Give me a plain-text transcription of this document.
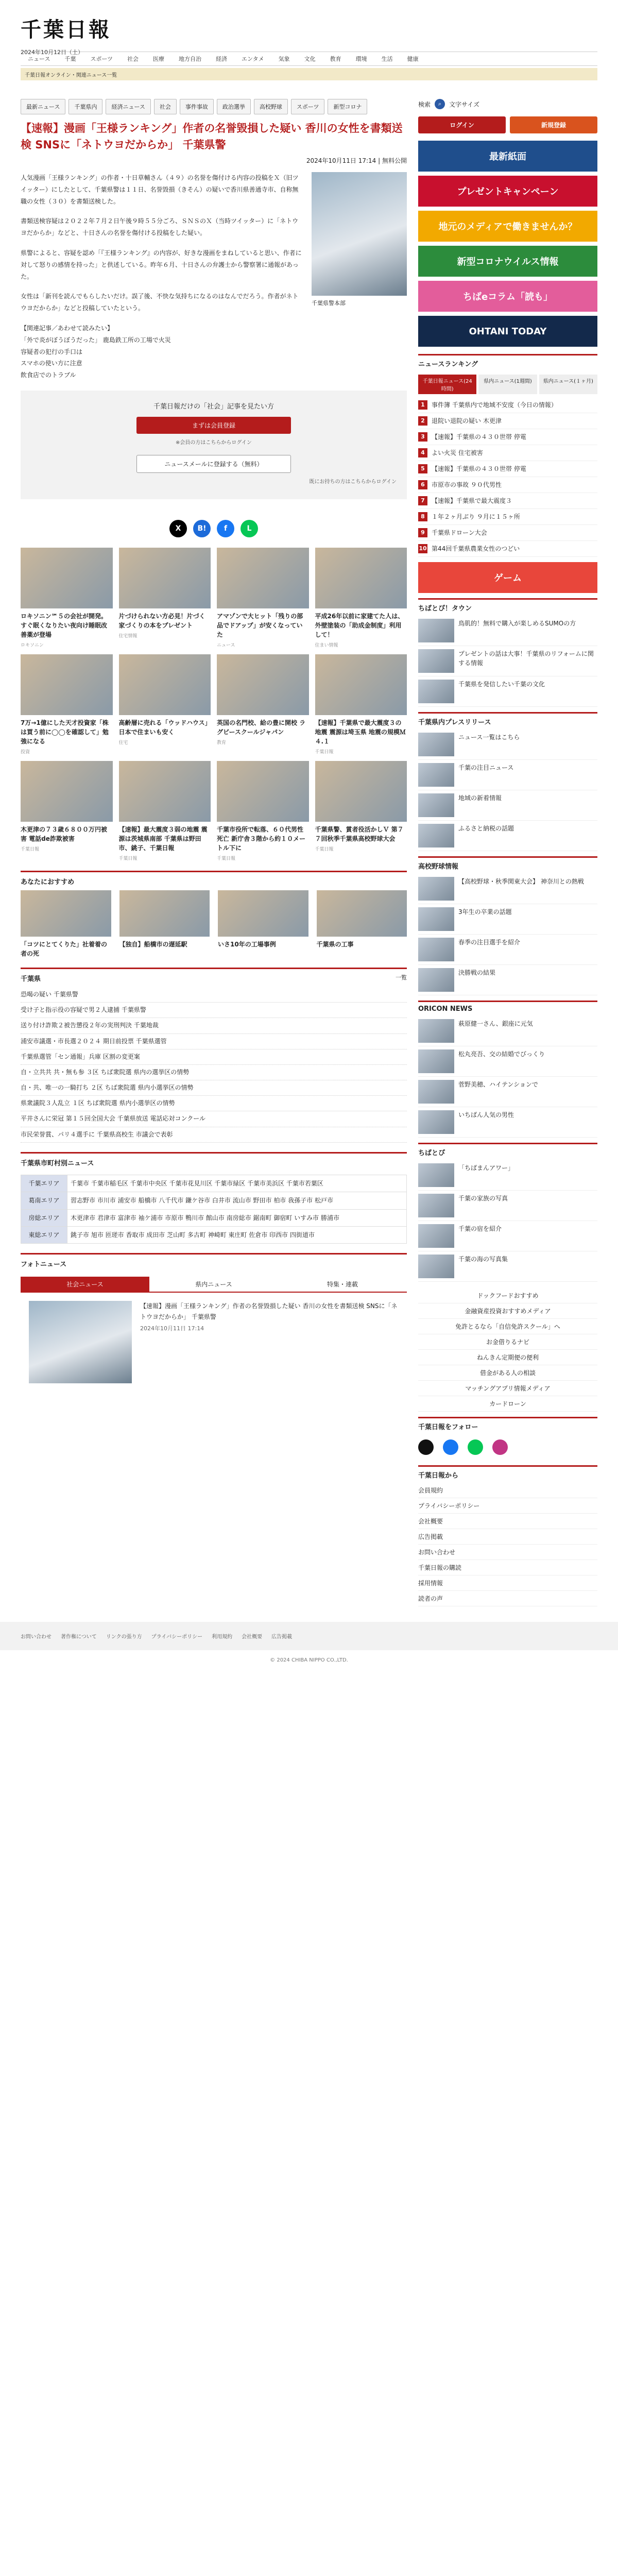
千葉日報
2024年10月12日（土）
ニュース	千葉	スポーツ	社会	医療	地方自治	経済	エンタメ	気象	文化	教育	環境	生活	健康
千葉日報オンライン・関連ニュース一覧
最新ニュース	千葉県内	経済ニュース	社会	事件事故	政治選挙	高校野球	スポーツ	新型コロナ
【速報】漫画「王様ランキング」作者の名誉毀損した疑い 香川の女性を書類送検 SNSに「ネトウヨだからか」 千葉県警
2024年10月11日 17:14 | 無料公開

人気漫画「王様ランキング」の作者・十日草輔さん（４９）の名誉を傷付ける内容の投稿をＸ（旧ツイッター）にしたとして、千葉県警は１１日、名誉毀損（きそん）の疑いで香川県善通寺市、自称無職の女性（３０）を書類送検した。

書類送検容疑は２０２２年７月２日午後９時５５分ごろ、ＳＮＳのＸ（当時ツイッター）に「ネトウヨだからか」などと、十日さんの名誉を傷付ける投稿をした疑い。

県警によると、容疑を認め「『王様ランキング』の内容が、好きな漫画をまねしていると思い、作者に対して怒りの感情を持った」と供述している。昨年６月、十日さんの弁護士から警察署に通報があった。

女性は「新刊を読んでもらしたいだけ。誤了後、不快な気持ちになるのはなんでだろう。作者がネトウヨだからか」などと投稿していたという。

【関連記事／あわせて読みたい】
「外で炎がぼうぼうだった」 鹿島鉄工所の工場で火災
容疑者の犯行の手口は
スマホの使い方に注意
飲食店でのトラブル
千葉県警本部
千葉日報だけの「社会」記事を見たい方
まずは会員登録
※会員の方はこちらからログイン
ニュースメールに登録する（無料）
既にお持ちの方はこちらからログイン
X	B!	f	L

ロキソニン℠５の会社が開発。すぐ眠くなりたい夜向け睡眠改善薬が登場

ロキソニン

片づけられない方必見！片づく家づくりの本をプレゼント

住宅情報

アマゾンで大ヒット「残りの部品でドアップ」が安くなっていた

ニュース

平成26年以前に家建てた人は、外壁塗装の「助成金制度」利用して！

住まい情報

7万→1億にした天才投資家「株は買う前に◯◯を確認して」勉強になる

投資

高齢層に売れる「ウッドハウス」日本で住まいも安く

住宅

英国の名門校、給の豊に開校 ラグビースクールジャパン

教育

【速報】千葉県で最大震度３の地震 震源は埼玉県 地震の規模Ｍ４.１

千葉日報

木更津の７３歳６８００万円被害 電話de詐欺被害

千葉日報

【速報】最大震度３弱の地震 震源は茨城県南部 千葉県は野田市、銚子、千葉日報

千葉日報

千葉市役所で転落、６０代男性死亡 新庁舎３階から約１０メートル下に

千葉日報

千葉県警、賞者役活かしＶ 第７７回秋季千葉県高校野球大会

千葉日報
あなたにおすすめ

「コツにとてくりた」社着着の者の死

【独自】船橋市の遅延駅	いさ10年の工場事例	千葉県の工事

千葉県	一覧
恐喝の疑い 千葉県警
受け子と指示役の容疑で男２人逮捕 千葉県警
送り付け詐欺２被告懲役２年の実刑判決 千葉地裁
浦安市議選・市長選２０２４ 期日前投票 千葉県選管
千葉県選管「セン通報」兵庫 区割の変更案
自・立共共 共・無も参 ３区 ちば衆院選 県内の選挙区の情勢
自・共、唯一の一騎打ち ２区 ちば衆院選 県内小選挙区の情勢
県衆議院３人乱立 １区 ちば衆院選 県内小選挙区の情勢
平井さんに栄冠 第１５回全国大会 千葉県放送 電話応対コンクール
市民栄誉賞、パリ４選手に 千葉県高校生 市議会で表彰
千葉県市町村別ニュース
千葉エリア	千葉市 千葉市稲毛区 千葉市中央区 千葉市花見川区 千葉市緑区 千葉市美浜区 千葉市若葉区
葛南エリア	習志野市 市川市 浦安市 船橋市 八千代市 鎌ケ谷市 白井市 流山市 野田市 柏市 我孫子市 松戸市
房総エリア	木更津市 君津市 富津市 袖ケ浦市 市原市 鴨川市 館山市 南房総市 鋸南町 御宿町 いすみ市 勝浦市
東総エリア	銚子市 旭市 匝瑳市 香取市 成田市 芝山町 多古町 神崎町 東庄町 佐倉市 印西市 四街道市
フォトニュース
社会ニュース	県内ニュース	特集・連載
【速報】漫画「王様ランキング」作者の名誉毀損した疑い 香川の女性を書類送検 SNSに「ネトウヨだからか」 千葉県警
2024年10月11日 17:14
検索	⌕	文字サイズ
ログイン	新規登録
最新紙面
プレゼントキャンペーン
地元のメディアで働きませんか？
新型コロナウイルス情報
ちばeコラム「読も」
OHTANI TODAY
ニュースランキング
千葉日報ニュース(24時間)
県内ニュース(1週間)	県内ニュース(１ヶ月)
1	事件簿 千葉県内で地域不安度（今日の情報）
2	退院い退院の疑い 木更津
3	【速報】千葉県の４３０世帯 停電
4	よい火災 住宅被害
5	【速報】千葉県の４３０世帯 停電
6	市原市の事故 ９０代男性
7	【速報】千葉県で最大震度３
8	１年２ヶ月ぶり ９月に１５ヶ所
9	千葉県ドローン大会
10 第44回千葉県農業女性のつどい
ゲーム
ちばとぴ！タウン
鳥肌的！無料で購入が楽しめるSUMOの方
プレゼントの話は大事！千葉県のリフォームに関する情報
千葉県を発信したい千葉の文化
千葉県内プレスリリース
ニュース一覧はこちら
千葉の注目ニュース
地域の新着情報
ふるさと納税の話題
高校野球情報
【高校野球・秋季関東大会】 神奈川との熱戦
3年生の卒業の話題
春季の注目選手を紹介
決勝戦の結果
ORICON NEWS
萩原健一さん、銀座に元気
松丸亮吾、交の結婚でびっくり
菅野美穂、ハイテンションで
いちばん人気の男性
ちばとぴ
「ちばまんアワー」
千葉の家族の写真
千葉の宿を紹介
千葉の海の写真集
ドックフードおすすめ
金融資産投資おすすめメディア
免許とるなら「自信免許スクール」へ
お金借りるナビ
ねんきん定期便の便利
借金がある人の相談
マッチングアプリ情報メディア
カードローン
千葉日報をフォロー
千葉日報から
会員規約
プライバシーポリシー
会社概要
広告掲載
お問い合わせ
千葉日報の購読
採用情報
読者の声
お問い合わせ 著作権について リンクの張り方 プライバシーポリシー 利用規約 会社概要 広告掲載
© 2024 CHIBA NIPPO CO.,LTD.
